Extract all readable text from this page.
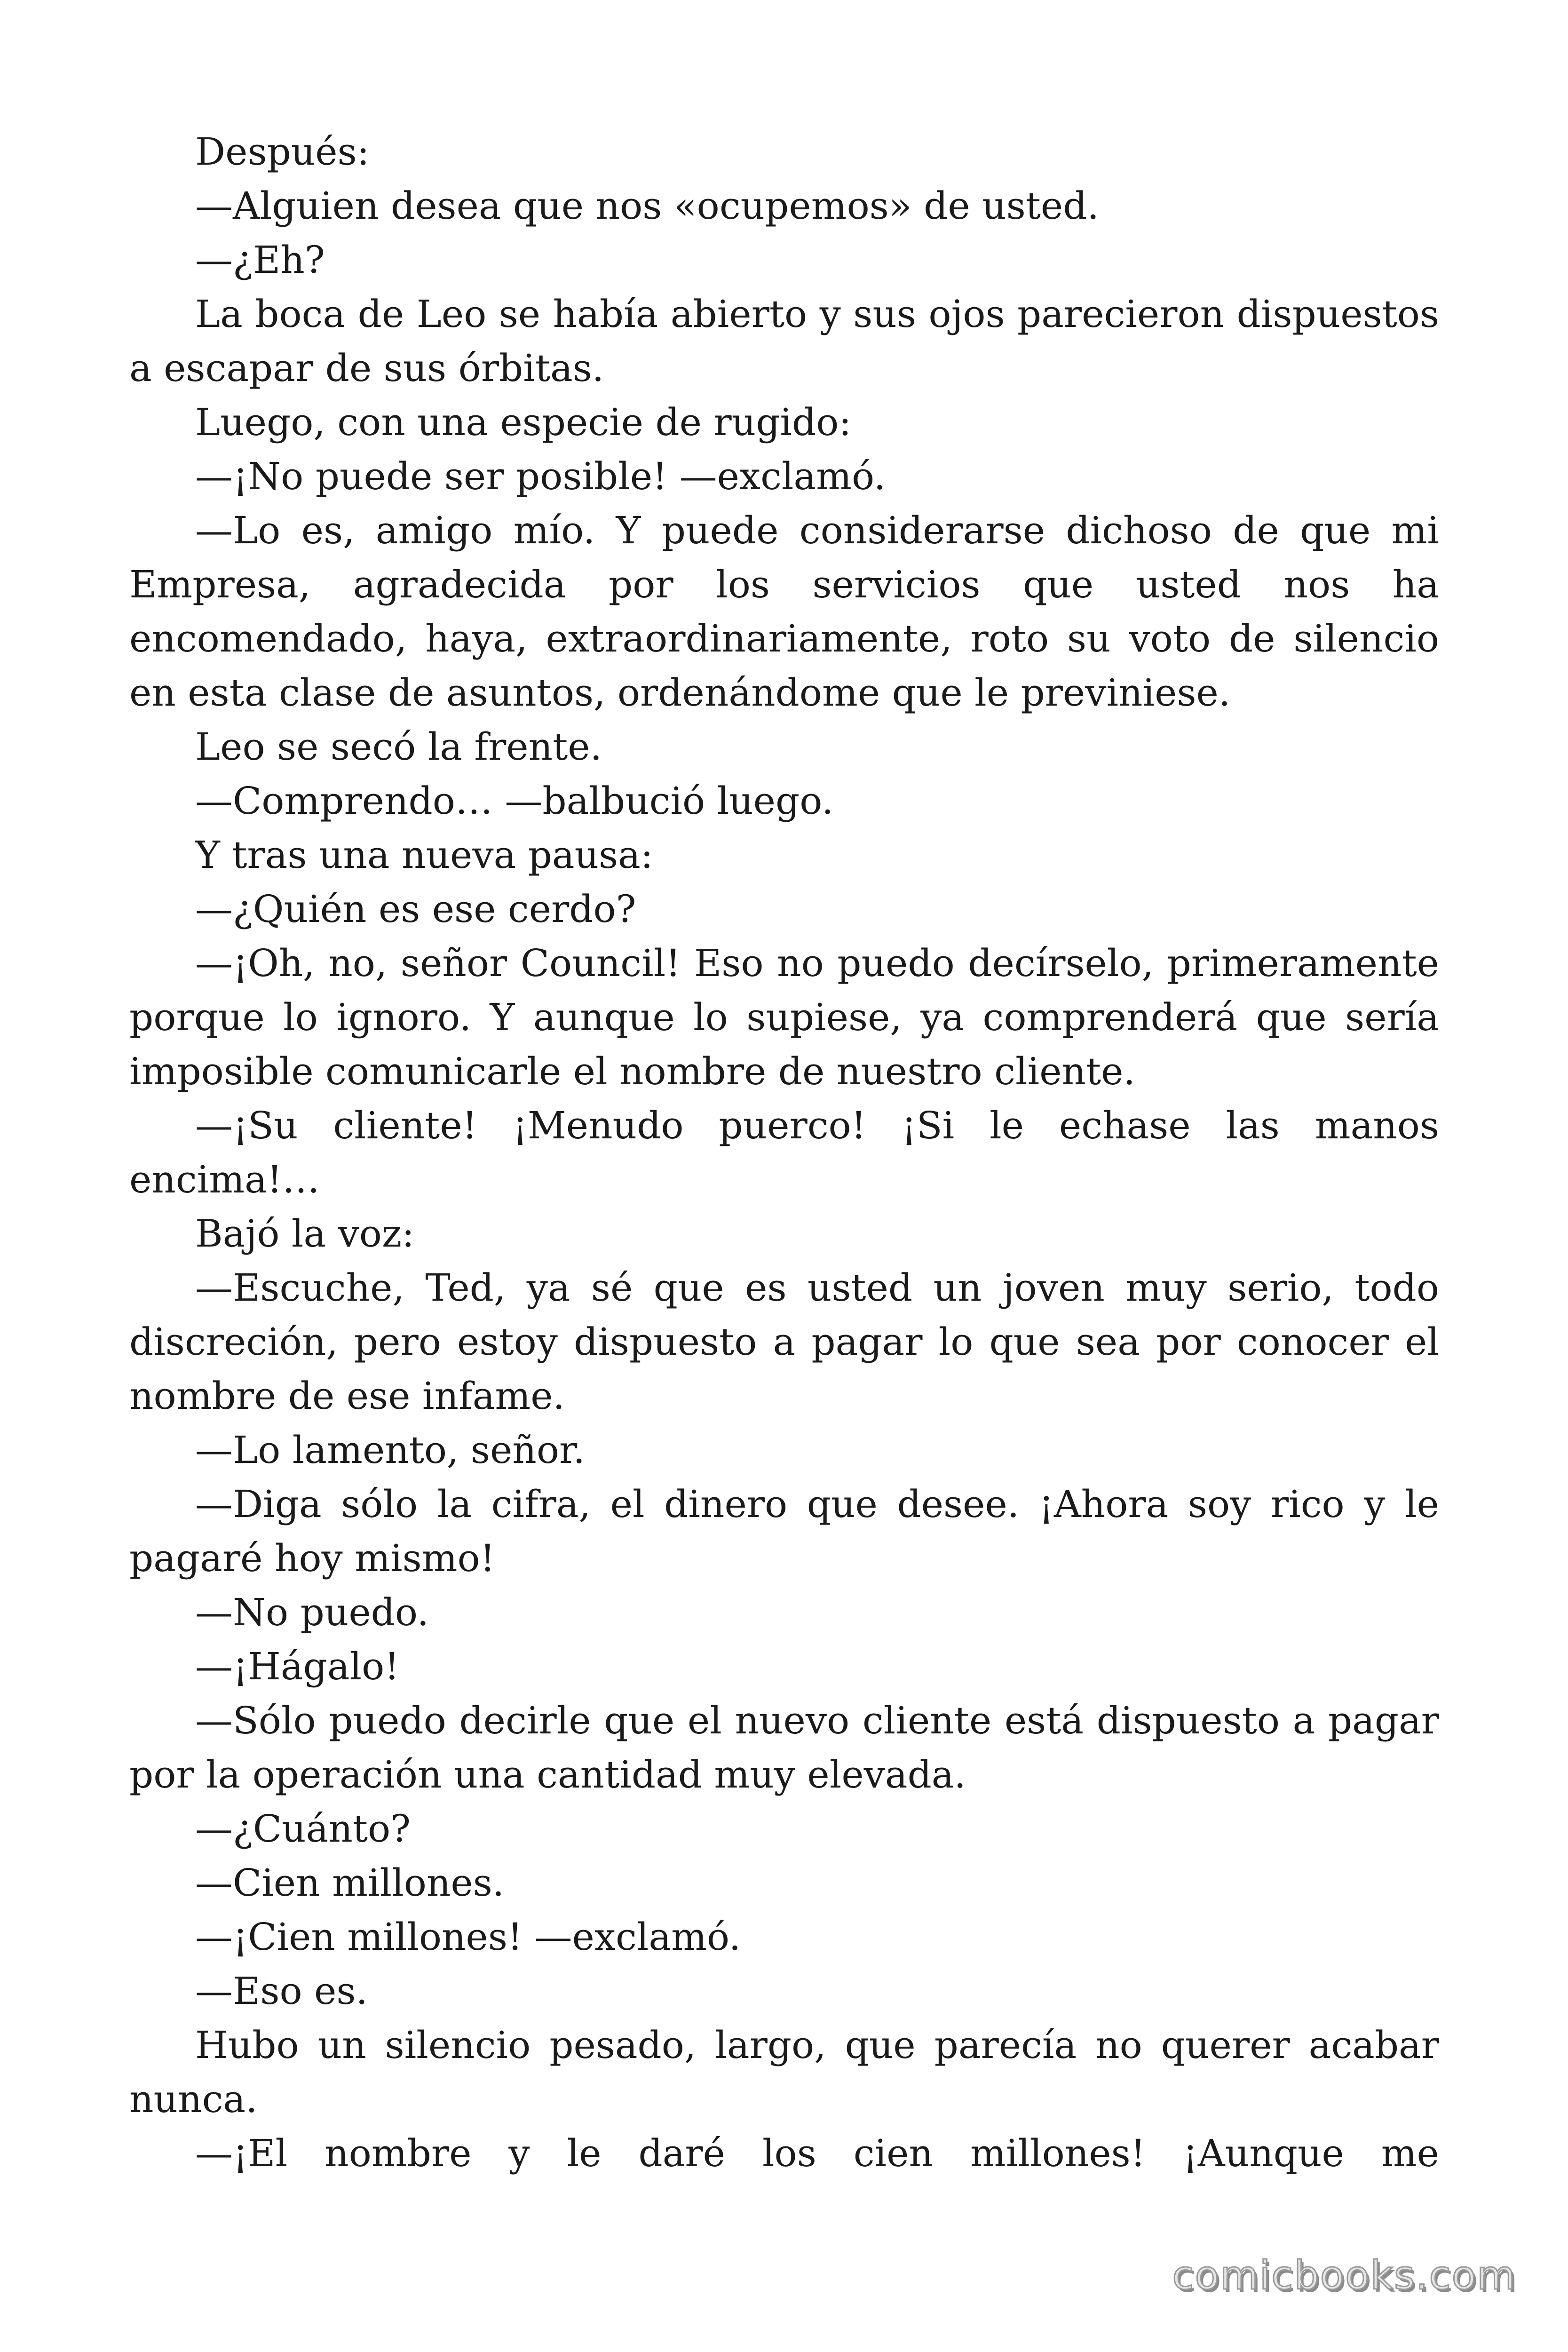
Después:

—Alguien desea que nos «ocupemos» de usted.

—¿Eh?

La boca de Leo se había abierto y sus ojos parecieron dispuestos a escapar de sus órbitas.

Luego, con una especie de rugido:

—¡No puede ser posible! —exclamó.

—Lo es, amigo mío. Y puede considerarse dichoso de que mi Empresa, agradecida por los servicios que usted nos ha encomendado, haya, extraordinariamente, roto su voto de silencio en esta clase de asuntos, ordenándome que le previniese.

Leo se secó la frente.

—Comprendo… —balbució luego.

Y tras una nueva pausa:

—¿Quién es ese cerdo?

—¡Oh, no, señor Council! Eso no puedo decírselo, primeramente porque lo ignoro. Y aunque lo supiese, ya comprenderá que sería imposible comunicarle el nombre de nuestro cliente.

—¡Su cliente! ¡Menudo puerco! ¡Si le echase las manos encima!…

Bajó la voz:

—Escuche, Ted, ya sé que es usted un joven muy serio, todo discreción, pero estoy dispuesto a pagar lo que sea por conocer el nombre de ese infame.

—Lo lamento, señor.

—Diga sólo la cifra, el dinero que desee. ¡Ahora soy rico y le pagaré hoy mismo!

—No puedo.

—¡Hágalo!

—Sólo puedo decirle que el nuevo cliente está dispuesto a pagar por la operación una cantidad muy elevada.

—¿Cuánto?

—Cien millones.

—¡Cien millones! —exclamó.

—Eso es.

Hubo un silencio pesado, largo, que parecía no querer acabar nunca.

—¡El nombre y le daré los cien millones! ¡Aunque me

comicbooks.com
